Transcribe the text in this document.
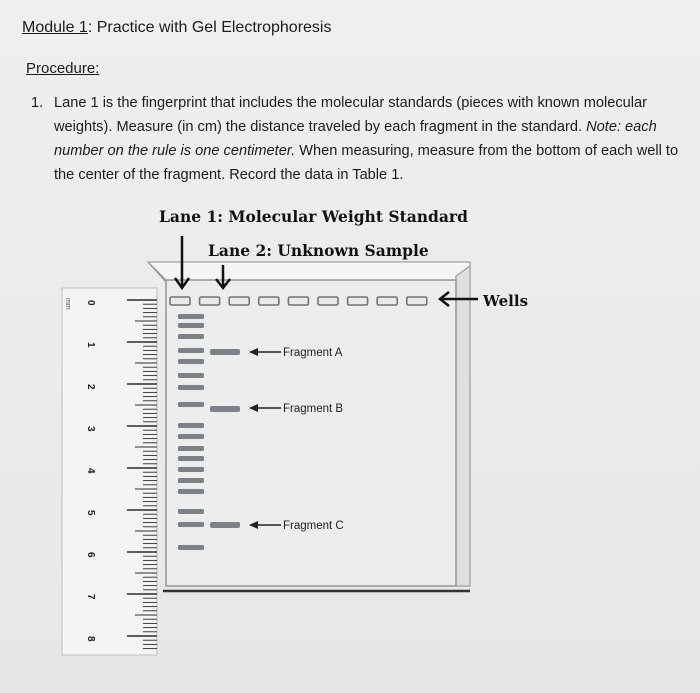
Module 1: Practice with Gel Electrophoresis
Procedure:
1. Lane 1 is the fingerprint that includes the molecular standards (pieces with known molecular weights). Measure (in cm) the distance traveled by each fragment in the standard. Note: each number on the rule is one centimeter. When measuring, measure from the bottom of each well to the center of the fragment. Record the data in Table 1.
Lane 1: Molecular Weight Standard
Lane 2: Unknown Sample
Wells
Fragment A
Fragment B
Fragment C
mm 0
1
2
3
4
5
6
7
8
